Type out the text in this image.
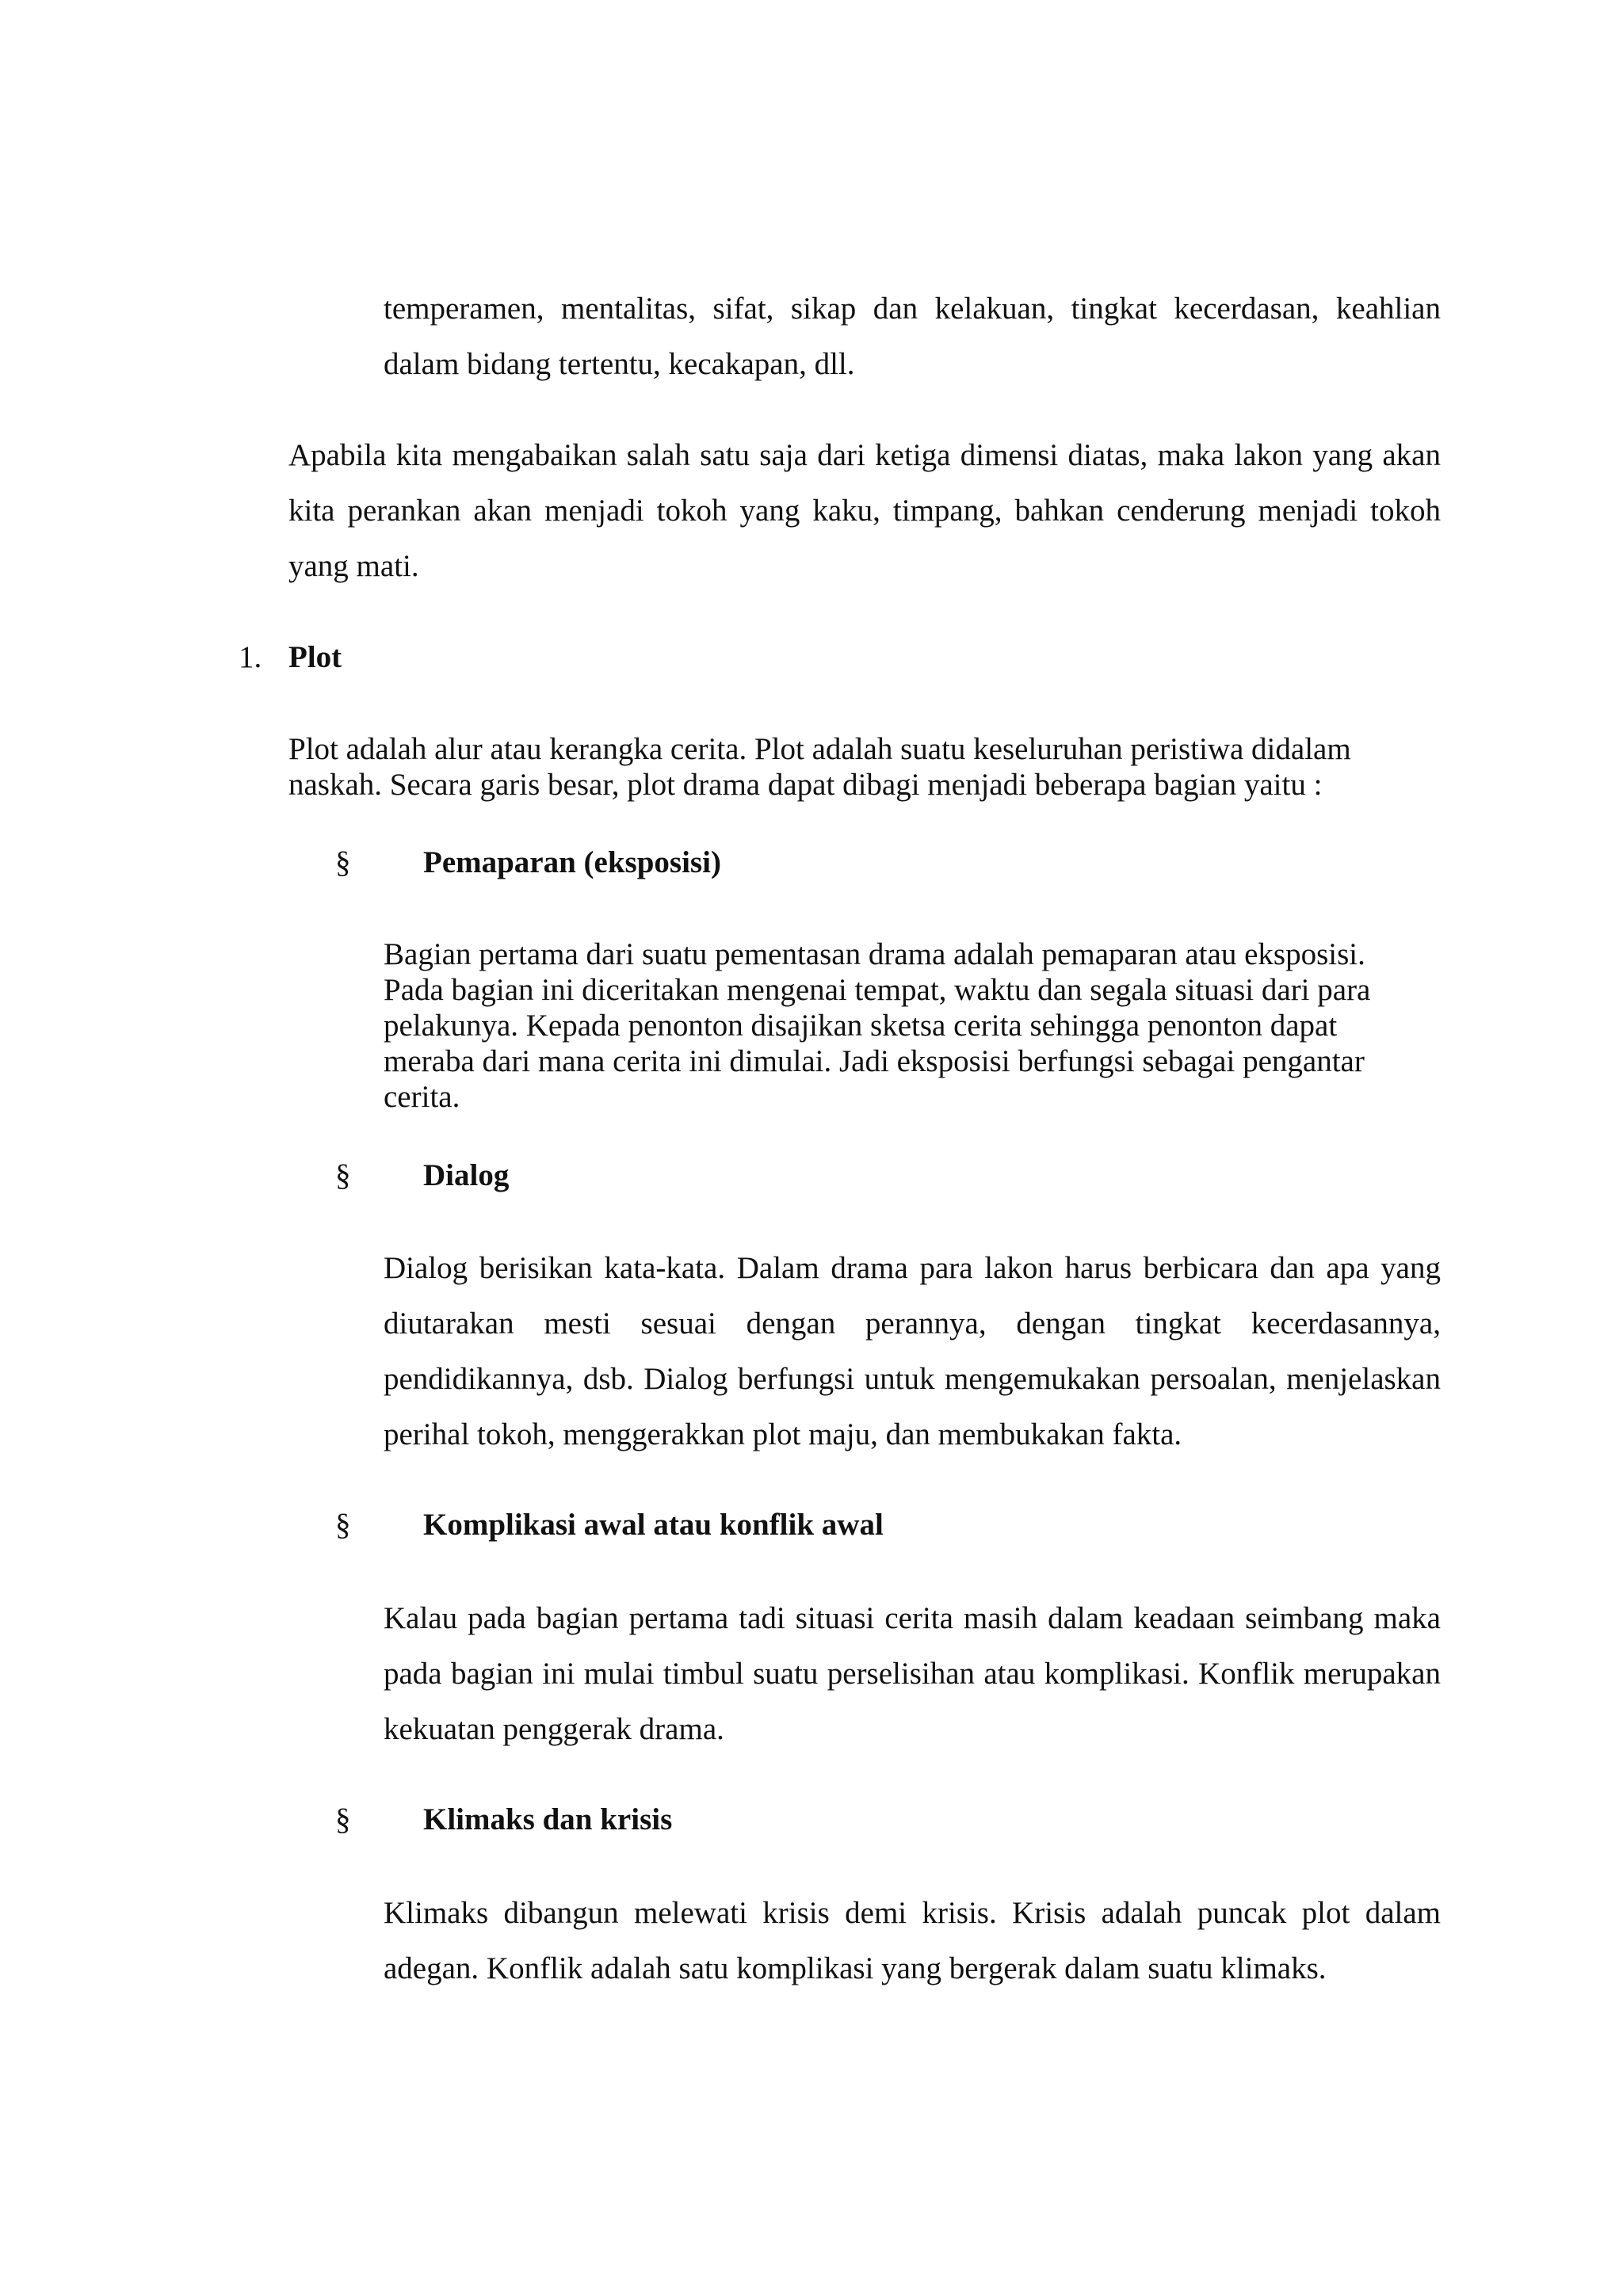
temperamen, mentalitas, sifat, sikap dan kelakuan, tingkat kecerdasan, keahlian dalam bidang tertentu, kecakapan, dll.
Apabila kita mengabaikan salah satu saja dari ketiga dimensi diatas, maka lakon yang akan kita perankan akan menjadi tokoh yang kaku, timpang, bahkan cenderung menjadi tokoh yang mati.
1. Plot
Plot adalah alur atau kerangka cerita. Plot adalah suatu keseluruhan peristiwa didalam
naskah. Secara garis besar, plot drama dapat dibagi menjadi beberapa bagian yaitu :
§ Pemaparan (eksposisi)
Bagian pertama dari suatu pementasan drama adalah pemaparan atau eksposisi.
Pada bagian ini diceritakan mengenai tempat, waktu dan segala situasi dari para
pelakunya. Kepada penonton disajikan sketsa cerita sehingga penonton dapat
meraba dari mana cerita ini dimulai. Jadi eksposisi berfungsi sebagai pengantar
cerita.
§ Dialog
Dialog berisikan kata-kata. Dalam drama para lakon harus berbicara dan apa yang diutarakan mesti sesuai dengan perannya, dengan tingkat kecerdasannya, pendidikannya, dsb. Dialog berfungsi untuk mengemukakan persoalan, menjelaskan perihal tokoh, menggerakkan plot maju, dan membukakan fakta.
§ Komplikasi awal atau konflik awal
Kalau pada bagian pertama tadi situasi cerita masih dalam keadaan seimbang maka pada bagian ini mulai timbul suatu perselisihan atau komplikasi. Konflik merupakan kekuatan penggerak drama.
§ Klimaks dan krisis
Klimaks dibangun melewati krisis demi krisis. Krisis adalah puncak plot dalam adegan. Konflik adalah satu komplikasi yang bergerak dalam suatu klimaks.
